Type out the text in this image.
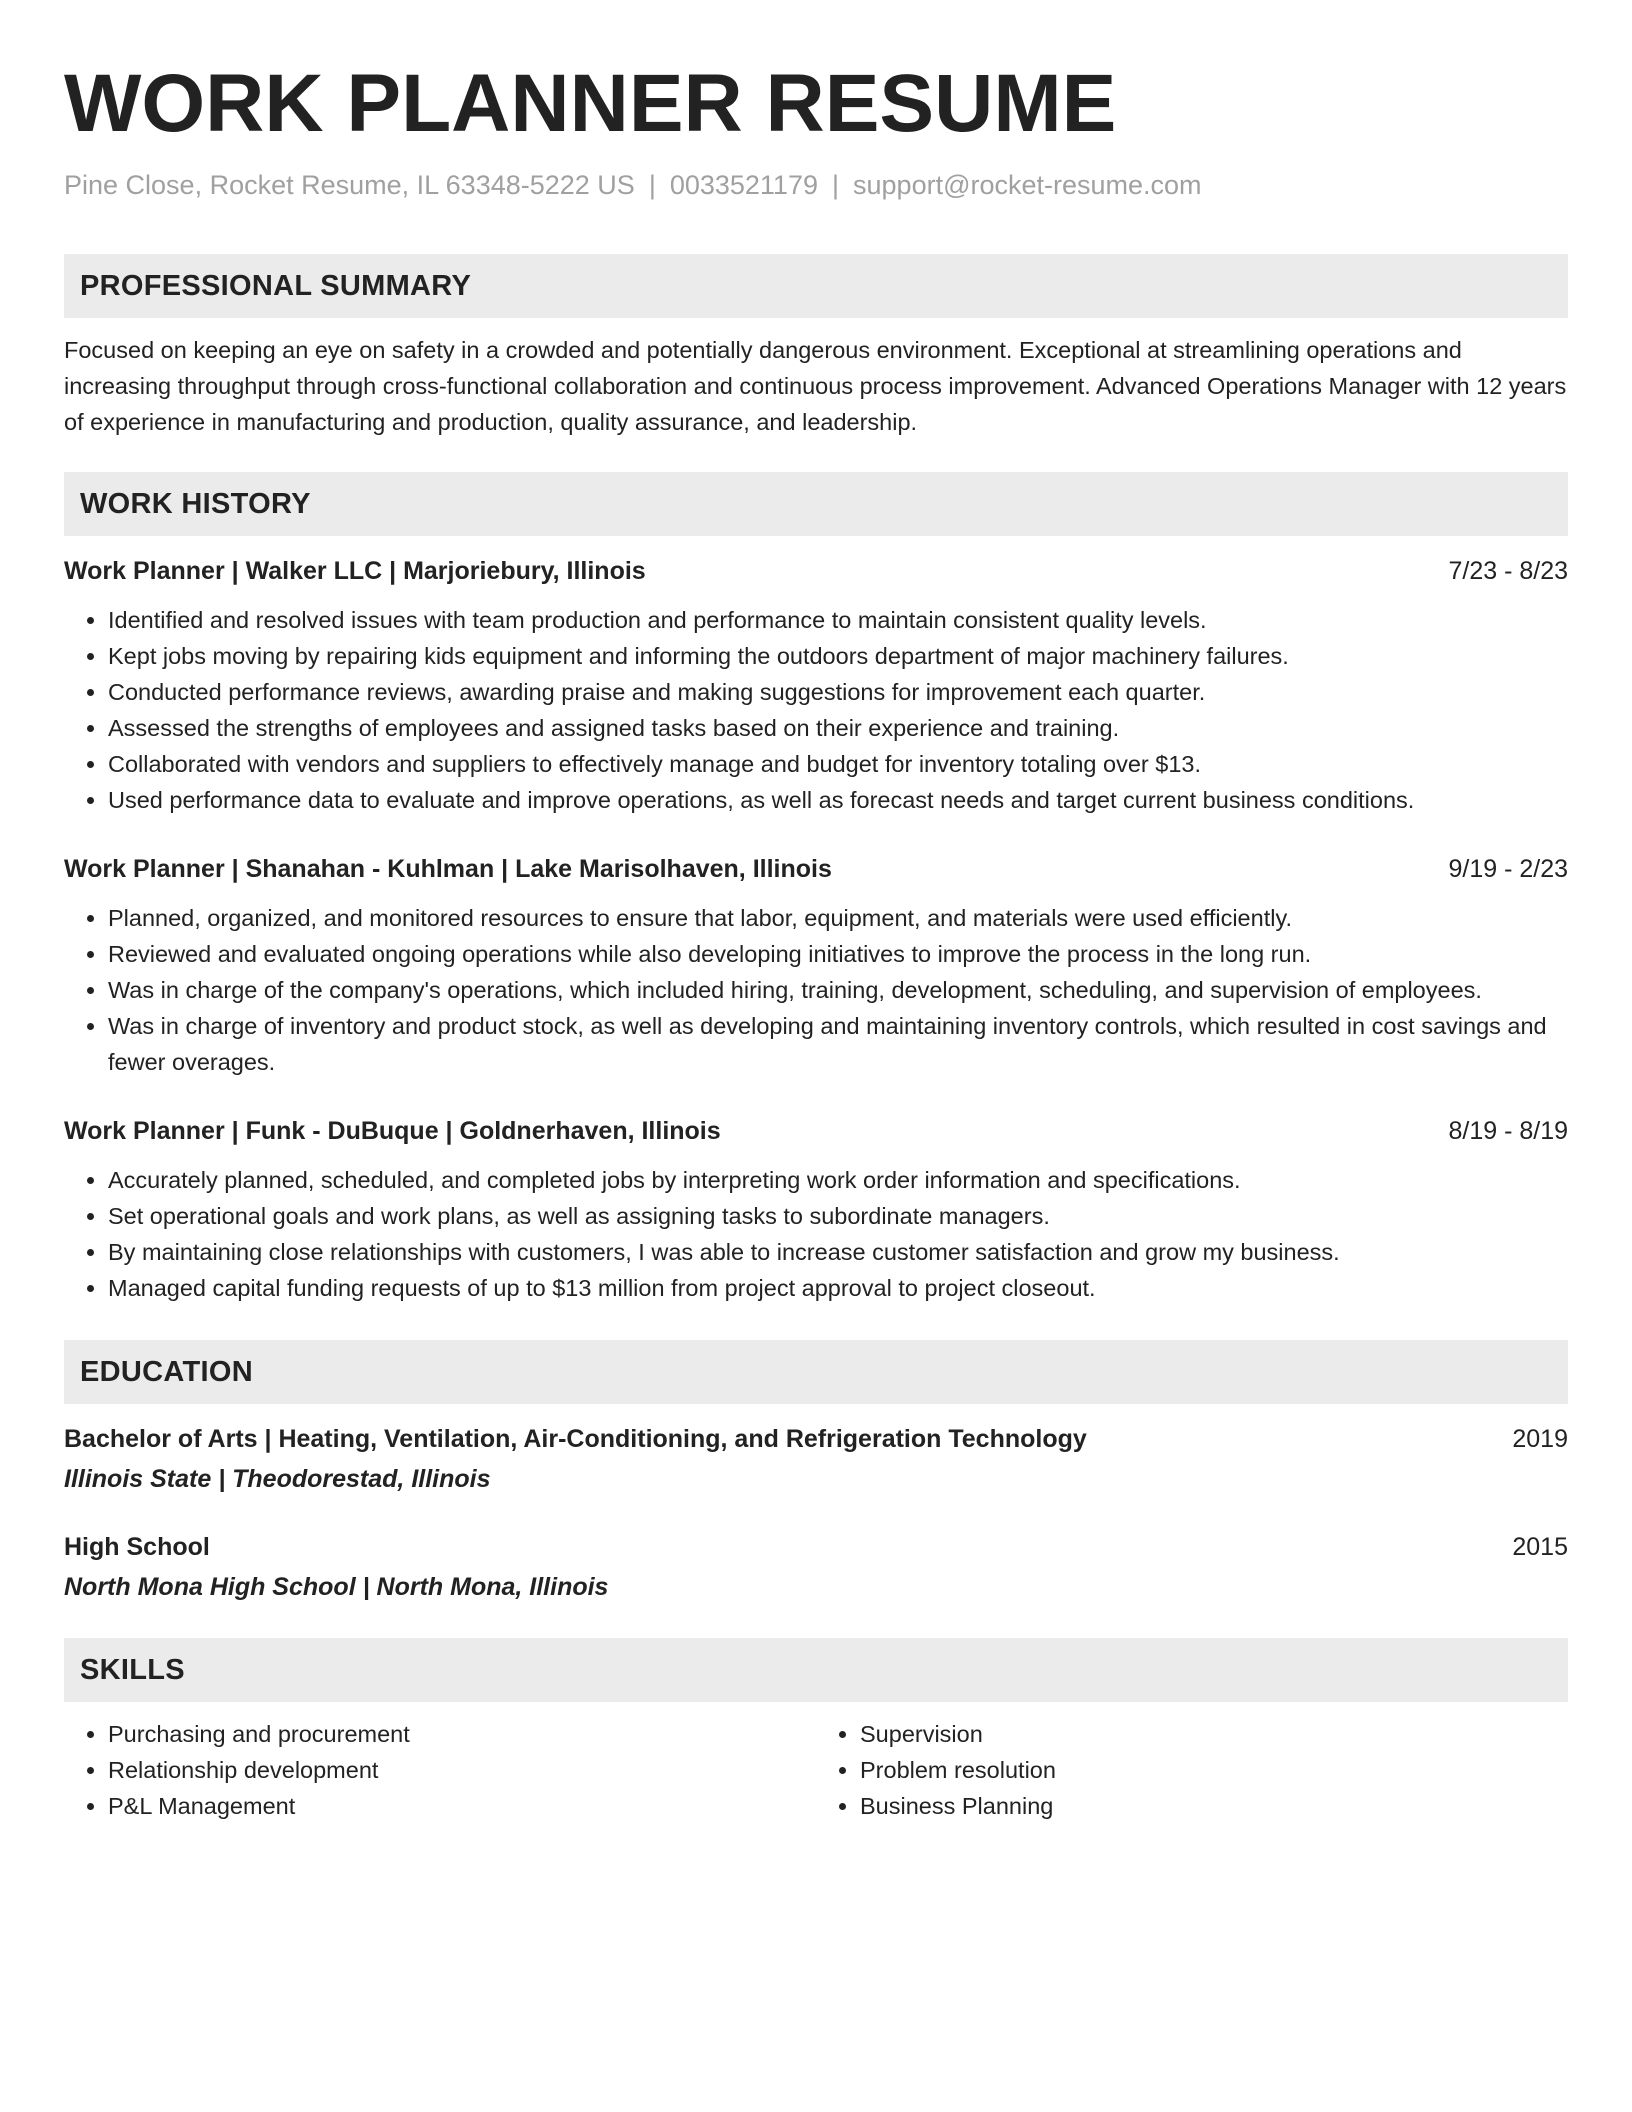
WORK PLANNER RESUME
Pine Close, Rocket Resume, IL 63348-5222 US | 0033521179 | support@rocket-resume.com
PROFESSIONAL SUMMARY
Focused on keeping an eye on safety in a crowded and potentially dangerous environment. Exceptional at streamlining operations and increasing throughput through cross-functional collaboration and continuous process improvement. Advanced Operations Manager with 12 years of experience in manufacturing and production, quality assurance, and leadership.
WORK HISTORY
Work Planner | Walker LLC | Marjoriebury, Illinois	7/23 - 8/23
• Identified and resolved issues with team production and performance to maintain consistent quality levels.
• Kept jobs moving by repairing kids equipment and informing the outdoors department of major machinery failures.
• Conducted performance reviews, awarding praise and making suggestions for improvement each quarter.
• Assessed the strengths of employees and assigned tasks based on their experience and training.
• Collaborated with vendors and suppliers to effectively manage and budget for inventory totaling over $13.
• Used performance data to evaluate and improve operations, as well as forecast needs and target current business conditions.
Work Planner | Shanahan - Kuhlman | Lake Marisolhaven, Illinois	9/19 - 2/23
• Planned, organized, and monitored resources to ensure that labor, equipment, and materials were used efficiently.
• Reviewed and evaluated ongoing operations while also developing initiatives to improve the process in the long run.
• Was in charge of the company's operations, which included hiring, training, development, scheduling, and supervision of employees.
• Was in charge of inventory and product stock, as well as developing and maintaining inventory controls, which resulted in cost savings and fewer overages.
Work Planner | Funk - DuBuque | Goldnerhaven, Illinois	8/19 - 8/19
• Accurately planned, scheduled, and completed jobs by interpreting work order information and specifications.
• Set operational goals and work plans, as well as assigning tasks to subordinate managers.
• By maintaining close relationships with customers, I was able to increase customer satisfaction and grow my business.
• Managed capital funding requests of up to $13 million from project approval to project closeout.
EDUCATION
Bachelor of Arts | Heating, Ventilation, Air-Conditioning, and Refrigeration Technology	2019
Illinois State | Theodorestad, Illinois
High School	2015
North Mona High School | North Mona, Illinois
SKILLS
• Purchasing and procurement
• Relationship development
• P&L Management
• Supervision
• Problem resolution
• Business Planning
